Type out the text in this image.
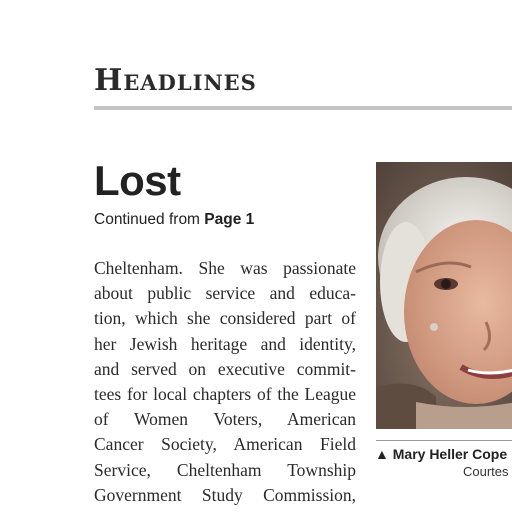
Headlines
Lost
Continued from Page 1
Cheltenham. She was passionate
about public service and educa-
tion, which she considered part of
her Jewish heritage and identity,
and served on executive commit-
tees for local chapters of the League
of Women Voters, American
Cancer Society, American Field
Service, Cheltenham Township
Government Study Commission,
▲ Mary Heller Cope
Courtes
